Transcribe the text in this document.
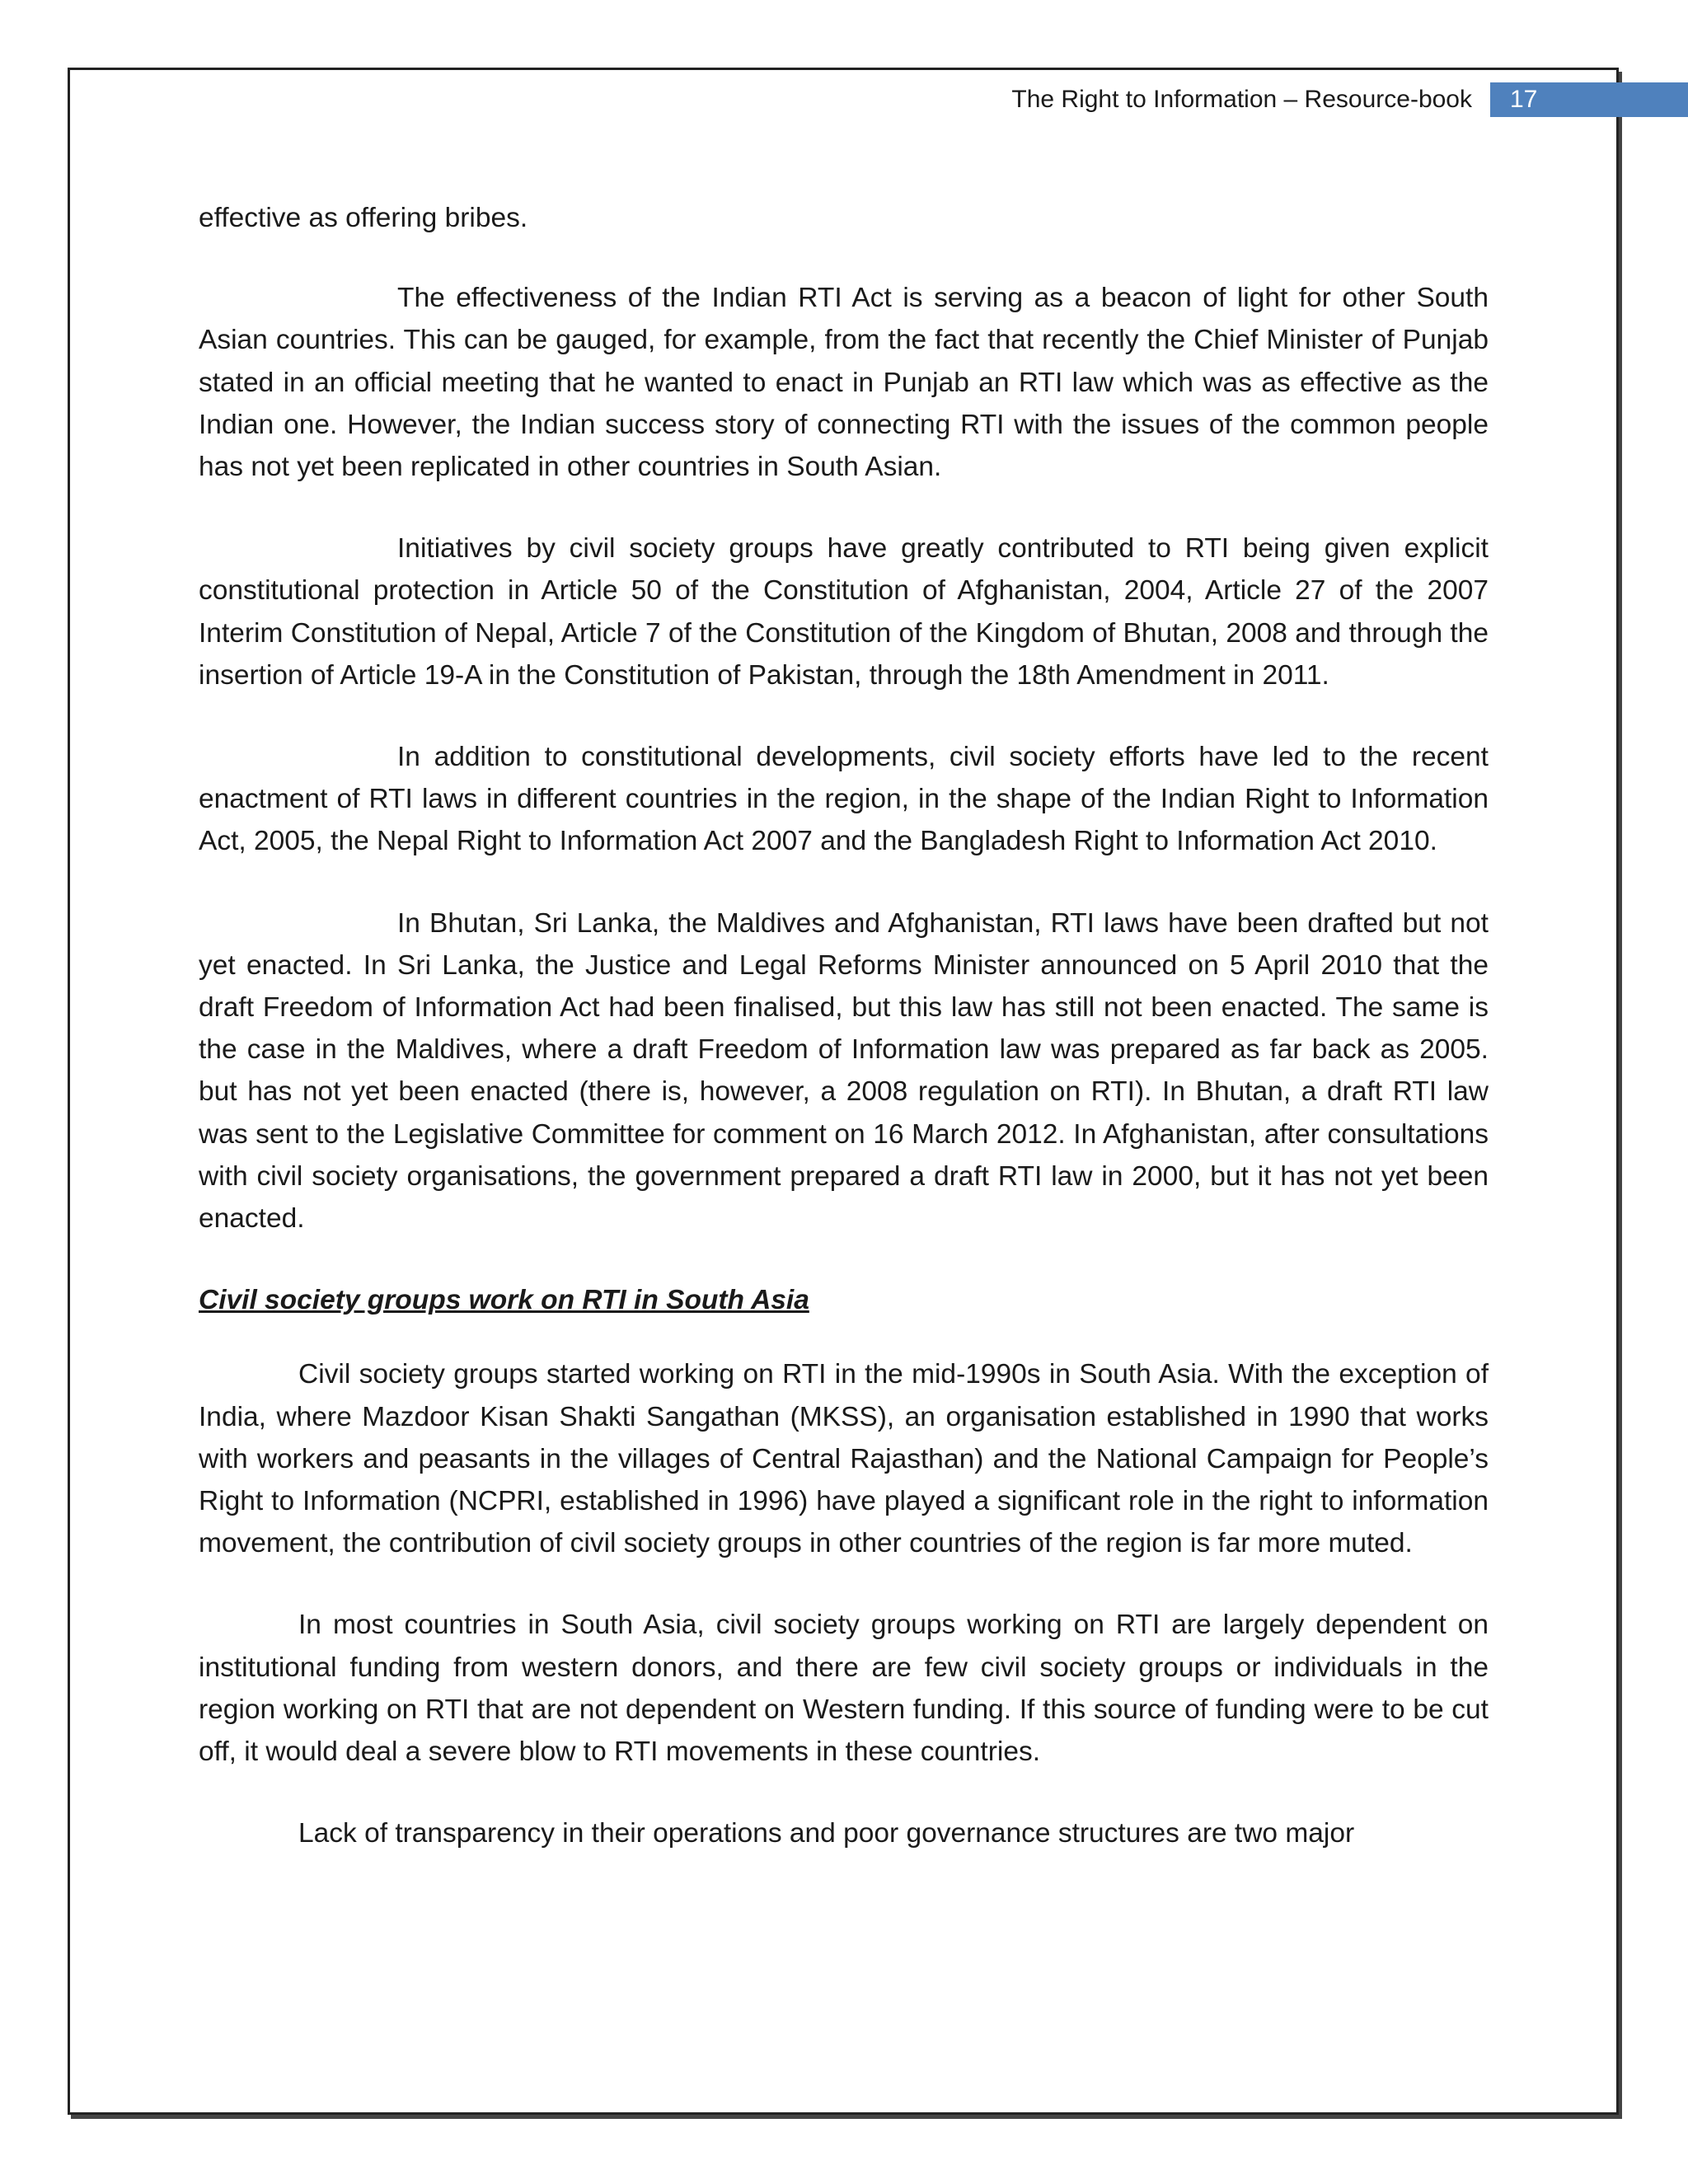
The Right to Information – Resource-book	17

effective as offering bribes.

The effectiveness of the Indian RTI Act is serving as a beacon of light for other South Asian countries. This can be gauged, for example, from the fact that recently the Chief Minister of Punjab stated in an official meeting that he wanted to enact in Punjab an RTI law which was as effective as the Indian one. However, the Indian success story of connecting RTI with the issues of the common people has not yet been replicated in other countries in South Asian.

Initiatives by civil society groups have greatly contributed to RTI being given explicit constitutional protection in Article 50 of the Constitution of Afghanistan, 2004, Article 27 of the 2007 Interim Constitution of Nepal, Article 7 of the Constitution of the Kingdom of Bhutan, 2008 and through the insertion of Article 19-A in the Constitution of Pakistan, through the 18th Amendment in 2011.

In addition to constitutional developments, civil society efforts have led to the recent enactment of RTI laws in different countries in the region, in the shape of the Indian Right to Information Act, 2005, the Nepal Right to Information Act 2007 and the Bangladesh Right to Information Act 2010.

In Bhutan, Sri Lanka, the Maldives and Afghanistan, RTI laws have been drafted but not yet enacted. In Sri Lanka, the Justice and Legal Reforms Minister announced on 5 April 2010 that the draft Freedom of Information Act had been finalised, but this law has still not been enacted. The same is the case in the Maldives, where a draft Freedom of Information law was prepared as far back as 2005. but has not yet been enacted (there is, however, a 2008 regulation on RTI). In Bhutan, a draft RTI law was sent to the Legislative Committee for comment on 16 March 2012. In Afghanistan, after consultations with civil society organisations, the government prepared a draft RTI law in 2000, but it has not yet been enacted.

Civil society groups work on RTI in South Asia

Civil society groups started working on RTI in the mid-1990s in South Asia. With the exception of India, where Mazdoor Kisan Shakti Sangathan (MKSS), an organisation established in 1990 that works with workers and peasants in the villages of Central Rajasthan) and the National Campaign for People’s Right to Information (NCPRI, established in 1996) have played a significant role in the right to information movement, the contribution of civil society groups in other countries of the region is far more muted.

In most countries in South Asia, civil society groups working on RTI are largely dependent on institutional funding from western donors, and there are few civil society groups or individuals in the region working on RTI that are not dependent on Western funding. If this source of funding were to be cut off, it would deal a severe blow to RTI movements in these countries.

Lack of transparency in their operations and poor governance structures are two major
